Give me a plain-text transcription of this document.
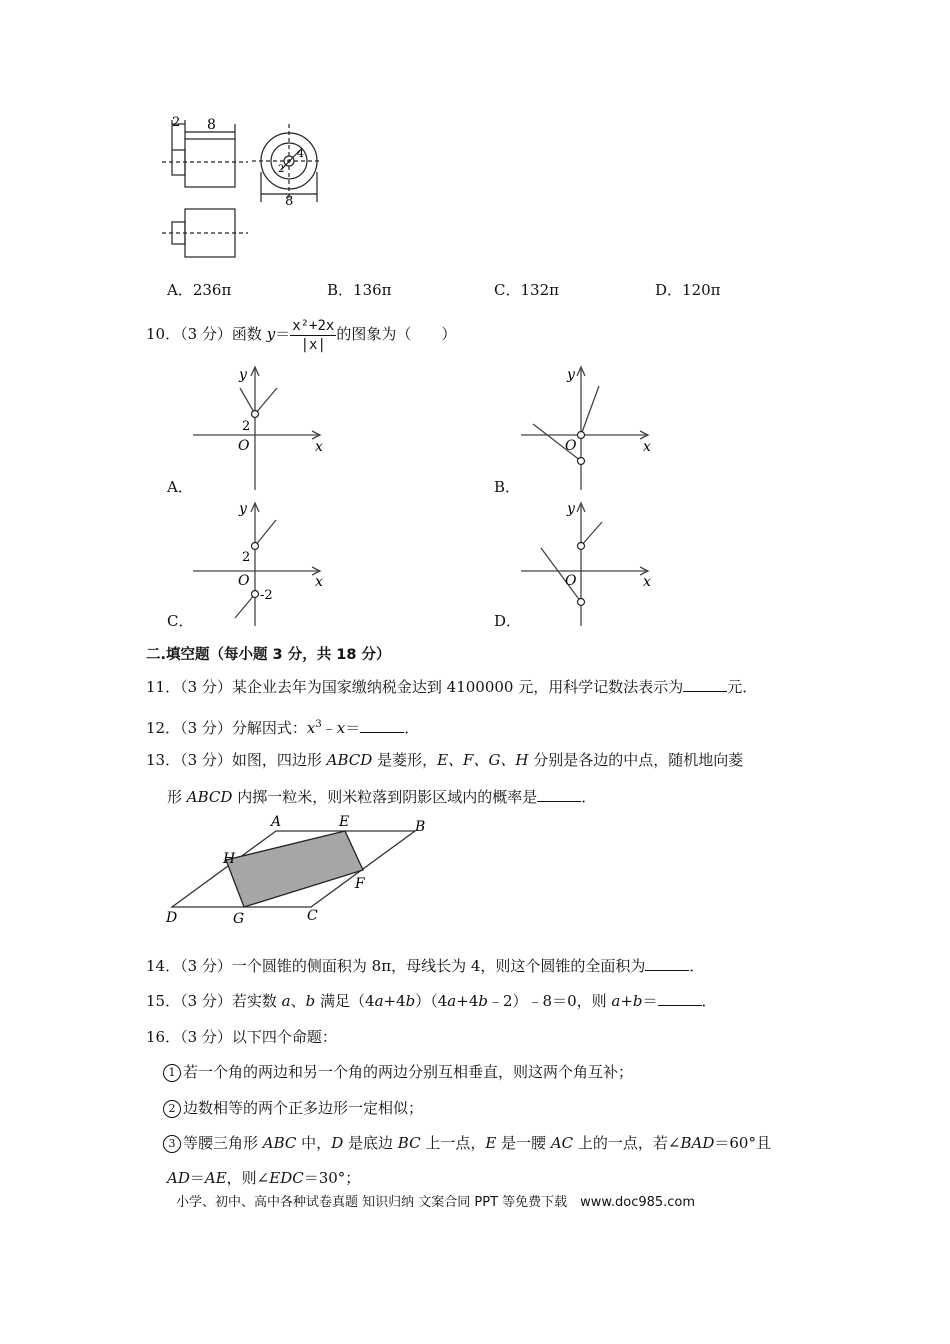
8
2
8
4
2
A．236π	B．136π	C．132π	D．120π
10．（3 分）函数 $y= \frac{\text{x²+2x}}{|x|}$ 的图象为（　　）
y
x
O
2
A．
y
x
O
B．
y
x
O
2
-2
C．
y
x
O
D．
二.填空题（每小题 3 分，共 18 分）
11．（3 分）某企业去年为国家缴纳税金达到 4100000 元，用科学记数法表示为	元．
12．（3 分）分解因式：$x^3﹣x=$	．
13．（3 分）如图，四边形 ABCD 是菱形，E、F、G、H 分别是各边的中点，随机地向菱
形 ABCD 内掷一粒米，则米粒落到阴影区域内的概率是	．
A	E	B
H
F
D	G	C
14．（3 分）一个圆锥的侧面积为 8π，母线长为 4，则这个圆锥的全面积为	．
15．（3 分）若实数 a、b 满足（4a+4b）（4a+4b﹣2）﹣8＝0，则 a+b＝	．
16．（3 分）以下四个命题：
1 若一个角的两边和另一个角的两边分别互相垂直，则这两个角互补；
2 边数相等的两个正多边形一定相似；
3 等腰三角形 ABC 中，D 是底边 BC 上一点，E 是一腰 AC 上的一点，若∠BAD＝60°且
AD＝AE，则∠EDC＝30°；
小学、初中、高中各种试卷真题 知识归纳 文案合同 PPT 等免费下载　www.doc985.com
